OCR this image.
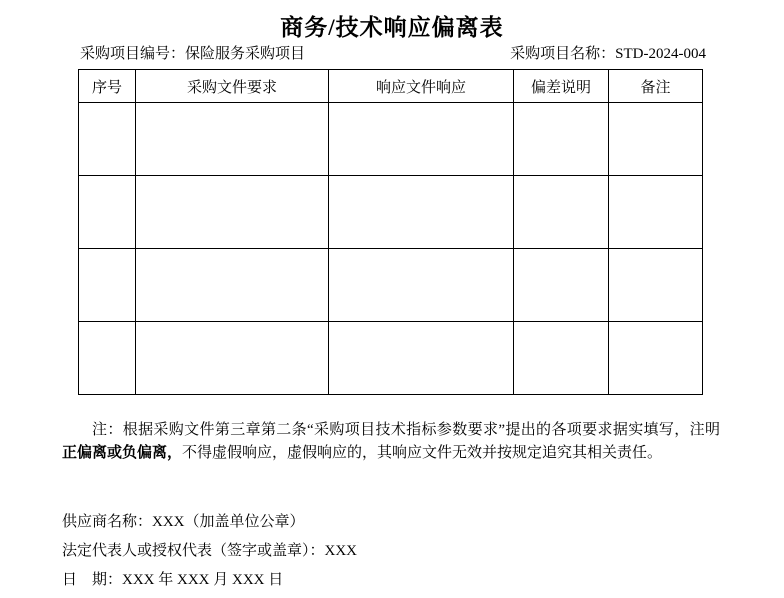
商务/技术响应偏离表
采购项目编号：保险服务采购项目	采购项目名称：STD-2024-004
序号	采购文件要求	响应文件响应	偏差说明	备注

注：根据采购文件第三章第二条“采购项目技术指标参数要求”提出的各项要求据实填写，注明正偏离或负偏离，不得虚假响应，虚假响应的，其响应文件无效并按规定追究其相关责任。
供应商名称：XXX（加盖单位公章）
法定代表人或授权代表（签字或盖章）：XXX
日　期：XXX 年 XXX 月 XXX 日
